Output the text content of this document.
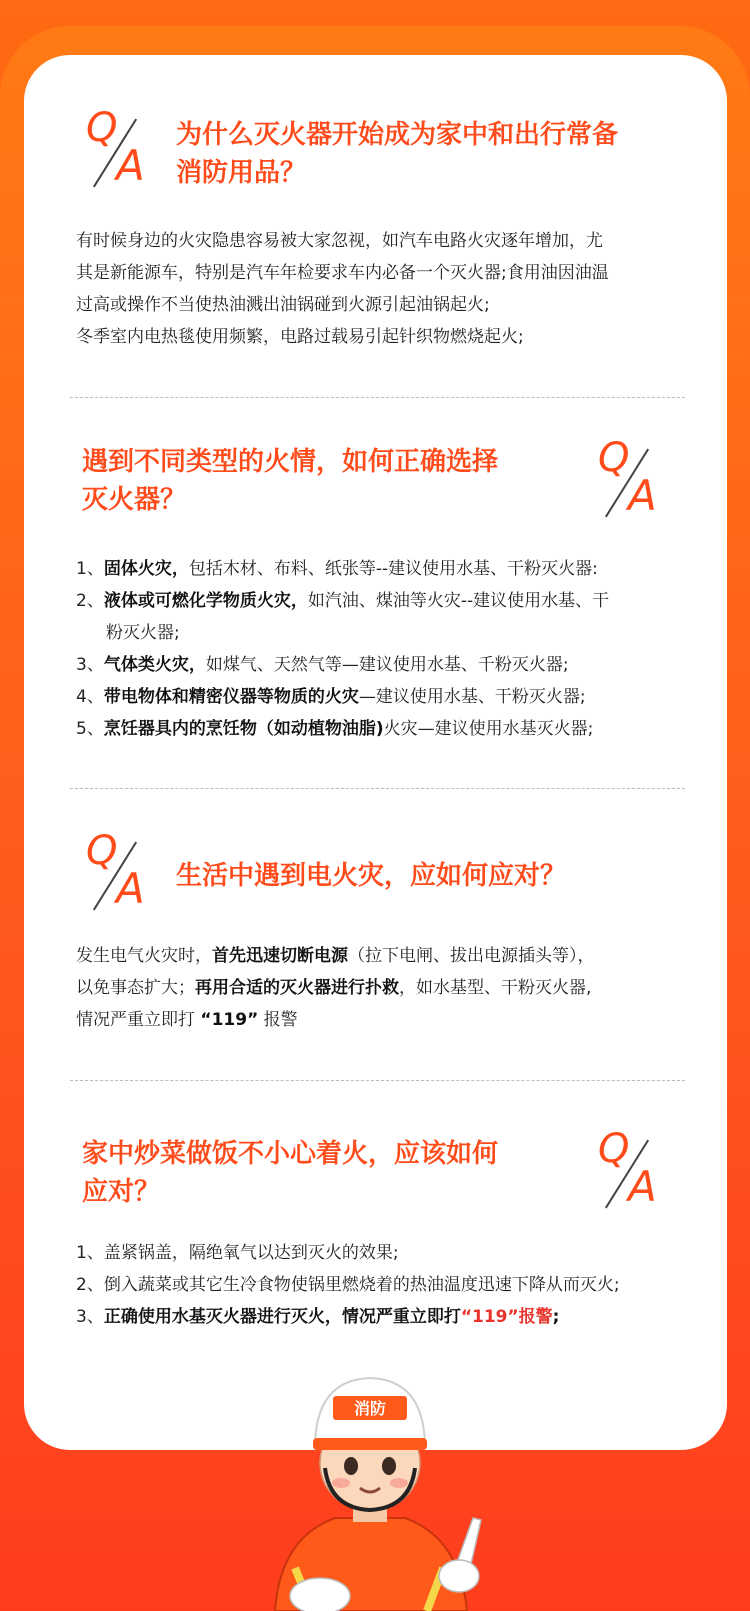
Q
A
为什么灭火器开始成为家中和出行常备
消防用品？
有时候身边的火灾隐患容易被大家忽视，如汽车电路火灾逐年增加，尤
其是新能源车，特别是汽车年检要求车内必备一个灭火器;食用油因油温
过高或操作不当使热油溅出油锅碰到火源引起油锅起火;
冬季室内电热毯使用频繁，电路过载易引起针织物燃烧起火;
遇到不同类型的火情，如何正确选择
灭火器？
Q
A
1、固体火灾，包括木材、布料、纸张等--建议使用水基、干粉灭火器:
2、液体或可燃化学物质火灾，如汽油、煤油等火灾--建议使用水基、干
粉灭火器;
3、气体类火灾，如煤气、天然气等—建议使用水基、千粉灭火器;
4、带电物体和精密仪器等物质的火灾—建议使用水基、干粉灭火器;
5、烹饪器具内的烹饪物（如动植物油脂)火灾—建议使用水基灭火器;
Q
A 生活中遇到电火灾，应如何应对？
发生电气火灾时，首先迅速切断电源（拉下电闸、拔出电源插头等），
以免事态扩大；再用合适的灭火器进行扑救，如水基型、干粉灭火器,
情况严重立即打 “119” 报警
家中炒菜做饭不小心着火，应该如何
应对？
Q
A
1、盖紧锅盖，隔绝氧气以达到灭火的效果;
2、倒入蔬菜或其它生冷食物使锅里燃烧着的热油温度迅速下降从而灭火;
3、正确使用水基灭火器进行灭火，情况严重立即打“119”报警;
消防
